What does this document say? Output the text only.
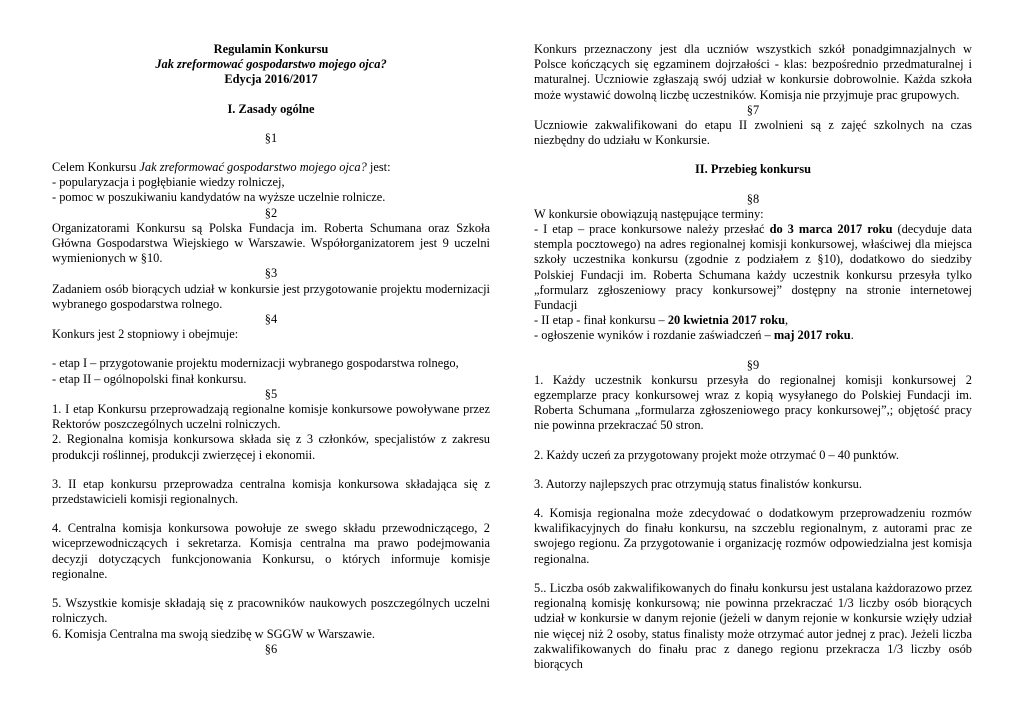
Regulamin Konkursu

Jak zreformować gospodarstwo mojego ojca?

Edycja 2016/2017

I. Zasady ogólne

§1

Celem Konkursu Jak zreformować gospodarstwo mojego ojca? jest:

- popularyzacja i pogłębianie wiedzy rolniczej,

- pomoc w poszukiwaniu kandydatów na wyższe uczelnie rolnicze.

§2

Organizatorami Konkursu są Polska Fundacja im. Roberta Schumana oraz Szkoła Główna Gospodarstwa Wiejskiego w Warszawie. Współorganizatorem jest 9 uczelni wymienionych w §10.

§3

Zadaniem osób biorących udział w konkursie jest przygotowanie projektu modernizacji wybranego gospodarstwa rolnego.

§4

Konkurs jest 2 stopniowy i obejmuje:

- etap I – przygotowanie projektu modernizacji wybranego gospodarstwa rolnego,

- etap II – ogólnopolski finał konkursu.

§5

1. I etap Konkursu przeprowadzają regionalne komisje konkursowe powoływane przez Rektorów poszczególnych uczelni rolniczych.

2. Regionalna komisja konkursowa składa się z 3 członków, specjalistów z zakresu produkcji roślinnej, produkcji zwierzęcej i ekonomii.

3. II etap konkursu przeprowadza centralna komisja konkursowa składająca się z przedstawicieli komisji regionalnych.

4. Centralna komisja konkursowa powołuje ze swego składu przewodniczącego, 2 wiceprzewodniczących i sekretarza. Komisja centralna ma prawo podejmowania decyzji dotyczących funkcjonowania Konkursu, o których informuje komisje regionalne.

5. Wszystkie komisje składają się z pracowników naukowych poszczególnych uczelni rolniczych.

6. Komisja Centralna ma swoją siedzibę w SGGW w Warszawie.

§6

Konkurs przeznaczony jest dla uczniów wszystkich szkół ponadgimnazjalnych w Polsce kończących się egzaminem dojrzałości - klas: bezpośrednio przedmaturalnej i maturalnej. Uczniowie zgłaszają swój udział w konkursie dobrowolnie. Każda szkoła może wystawić dowolną liczbę uczestników. Komisja nie przyjmuje prac grupowych.

§7

Uczniowie zakwalifikowani do etapu II zwolnieni są z zajęć szkolnych na czas niezbędny do udziału w Konkursie.

II. Przebieg konkursu

§8

W konkursie obowiązują następujące terminy:

- I etap – prace konkursowe należy przesłać do 3 marca 2017 roku (decyduje data stempla pocztowego) na adres regionalnej komisji konkursowej, właściwej dla miejsca szkoły uczestnika konkursu (zgodnie z podziałem z §10), dodatkowo do siedziby Polskiej Fundacji im. Roberta Schumana każdy uczestnik konkursu przesyła tylko „formularz zgłoszeniowy pracy konkursowej” dostępny na stronie internetowej Fundacji

- II etap - finał konkursu – 20 kwietnia 2017 roku,

- ogłoszenie wyników i rozdanie zaświadczeń – maj 2017 roku.

§9

1. Każdy uczestnik konkursu przesyła do regionalnej komisji konkursowej 2 egzemplarze pracy konkursowej wraz z kopią wysyłanego do Polskiej Fundacji im. Roberta Schumana „formularza zgłoszeniowego pracy konkursowej”,; objętość pracy nie powinna przekraczać 50 stron.

2. Każdy uczeń za przygotowany projekt może otrzymać 0 – 40 punktów.

3. Autorzy najlepszych prac otrzymują status finalistów konkursu.

4. Komisja regionalna może zdecydować o dodatkowym przeprowadzeniu rozmów kwalifikacyjnych do finału konkursu, na szczeblu regionalnym, z autorami prac ze swojego regionu. Za przygotowanie i organizację rozmów odpowiedzialna jest komisja regionalna.

5.. Liczba osób zakwalifikowanych do finału konkursu jest ustalana każdorazowo przez regionalną komisję konkursową; nie powinna przekraczać 1/3 liczby osób biorących udział w konkursie w danym rejonie (jeżeli w danym rejonie w konkursie wzięły udział nie więcej niż 2 osoby, status finalisty może otrzymać autor jednej z prac). Jeżeli liczba zakwalifikowanych do finału prac z danego regionu przekracza 1/3 liczby osób biorących
